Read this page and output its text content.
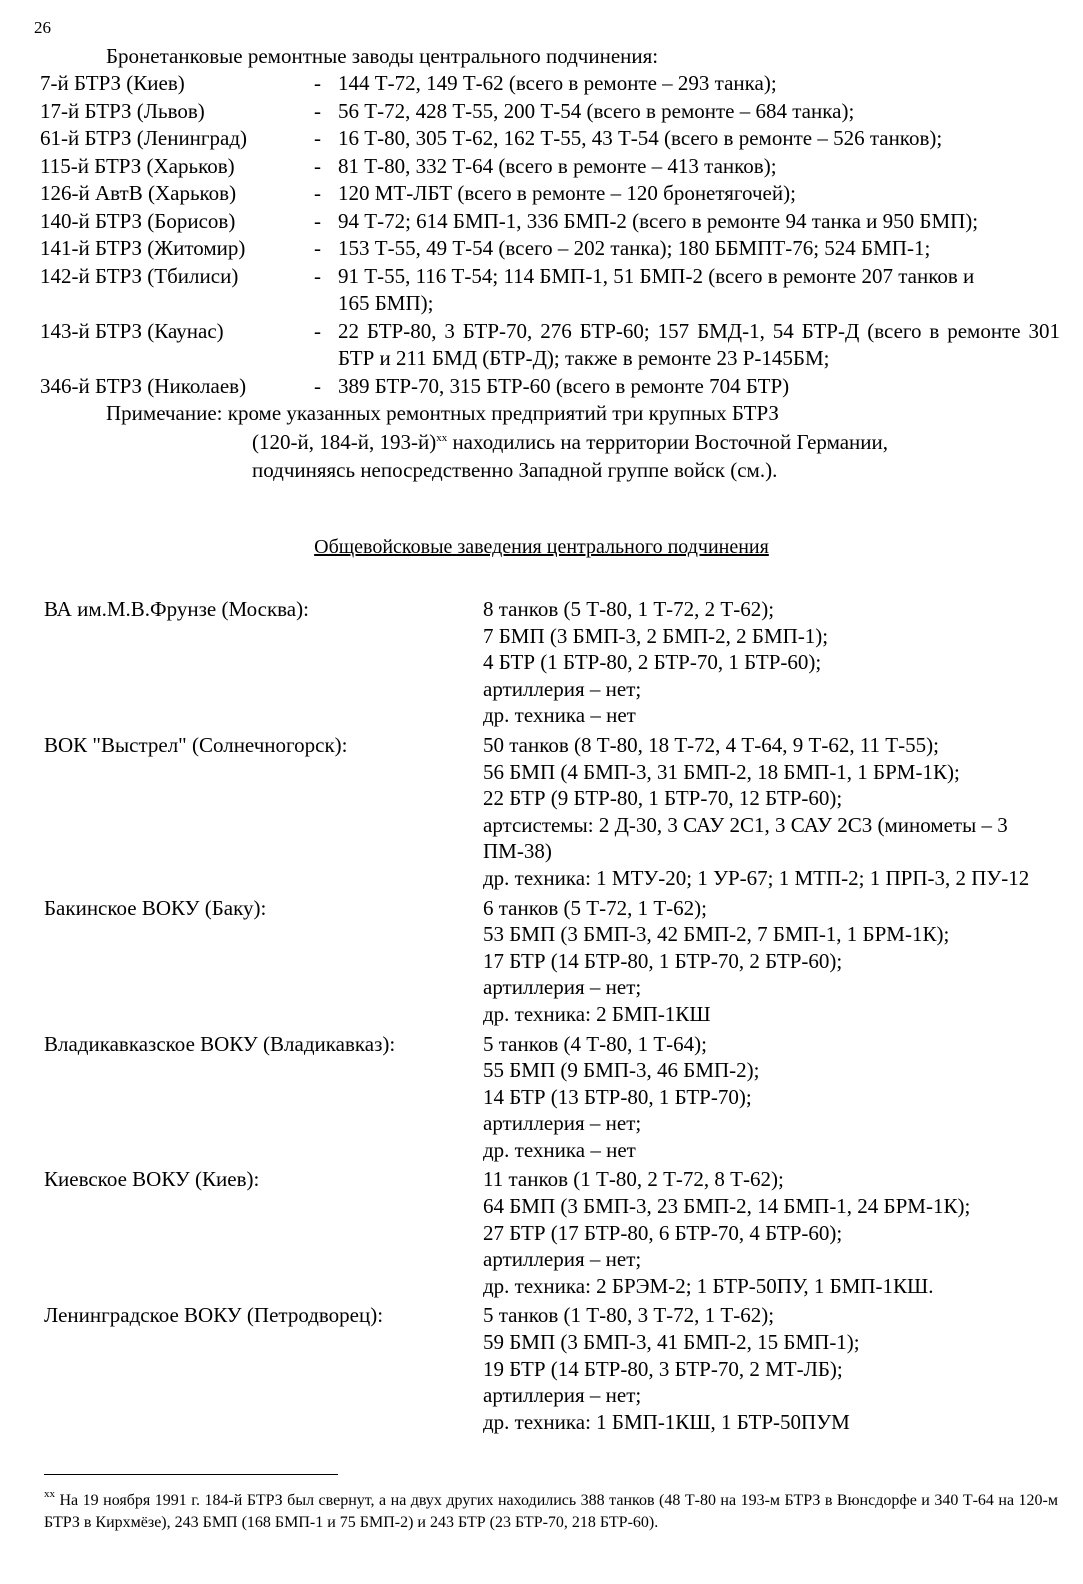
26
Бронетанковые ремонтные заводы центрального подчинения:
7-й БТРЗ (Киев)	- 144 Т-72, 149 Т-62 (всего в ремонте – 293 танка);
17-й БТРЗ (Львов)	- 56 Т-72, 428 Т-55, 200 Т-54 (всего в ремонте – 684 танка);
61-й БТРЗ (Ленинград)	- 16 Т-80, 305 Т-62, 162 Т-55, 43 Т-54 (всего в ремонте – 526 танков);
115-й БТРЗ (Харьков)	- 81 Т-80, 332 Т-64 (всего в ремонте – 413 танков);
126-й АвтВ (Харьков)	- 120 МТ-ЛБТ (всего в ремонте – 120 бронетягочей);
140-й БТРЗ (Борисов)	- 94 Т-72; 614 БМП-1, 336 БМП-2 (всего в ремонте 94 танка и 950 БМП);
141-й БТРЗ (Житомир)	- 153 Т-55, 49 Т-54 (всего – 202 танка); 180 ББМПТ-76; 524 БМП-1;
142-й БТРЗ (Тбилиси)	- 91 Т-55, 116 Т-54; 114 БМП-1, 51 БМП-2 (всего в ремонте 207 танков и
165 БМП);
143-й БТРЗ (Каунас)	- 22 БТР-80, 3 БТР-70, 276 БТР-60; 157 БМД-1, 54 БТР-Д (всего в ремонте 301 БТР и 211 БМД (БТР-Д); также в ремонте 23 Р-145БМ;
346-й БТРЗ (Николаев)	- 389 БТР-70, 315 БТР-60 (всего в ремонте 704 БТР)
Примечание: кроме указанных ремонтных предприятий три крупных БТРЗ
(120-й, 184-й, 193-й)$^{xx}$ находились на территории Восточной Германии,
подчиняясь непосредственно Западной группе войск (см.).
Общевойсковые заведения центрального подчинения
ВА им.М.В.Фрунзе (Москва):	8 танков (5 Т-80, 1 Т-72, 2 Т-62);
7 БМП (3 БМП-3, 2 БМП-2, 2 БМП-1);
4 БТР (1 БТР-80, 2 БТР-70, 1 БТР-60);
артиллерия – нет;
др. техника – нет
ВОК "Выстрел" (Солнечногорск):	50 танков (8 Т-80, 18 Т-72, 4 Т-64, 9 Т-62, 11 Т-55);
56 БМП (4 БМП-3, 31 БМП-2, 18 БМП-1, 1 БРМ-1К);
22 БТР (9 БТР-80, 1 БТР-70, 12 БТР-60);
артсистемы: 2 Д-30, 3 САУ 2С1, 3 САУ 2С3 (минометы – 3 ПМ-38)
др. техника: 1 МТУ-20; 1 УР-67; 1 МТП-2; 1 ПРП-3, 2 ПУ-12
Бакинское ВОКУ (Баку):	6 танков (5 Т-72, 1 Т-62);
53 БМП (3 БМП-3, 42 БМП-2, 7 БМП-1, 1 БРМ-1К);
17 БТР (14 БТР-80, 1 БТР-70, 2 БТР-60);
артиллерия – нет;
др. техника: 2 БМП-1КШ
Владикавказское ВОКУ (Владикавказ):	5 танков (4 Т-80, 1 Т-64);
55 БМП (9 БМП-3, 46 БМП-2);
14 БТР (13 БТР-80, 1 БТР-70);
артиллерия – нет;
др. техника – нет
Киевское ВОКУ (Киев):	11 танков (1 Т-80, 2 Т-72, 8 Т-62);
64 БМП (3 БМП-3, 23 БМП-2, 14 БМП-1, 24 БРМ-1К);
27 БТР (17 БТР-80, 6 БТР-70, 4 БТР-60);
артиллерия – нет;
др. техника: 2 БРЭМ-2; 1 БТР-50ПУ, 1 БМП-1КШ.
Ленинградское ВОКУ (Петродворец):	5 танков (1 Т-80, 3 Т-72, 1 Т-62);
59 БМП (3 БМП-3, 41 БМП-2, 15 БМП-1);
19 БТР (14 БТР-80, 3 БТР-70, 2 МТ-ЛБ);
артиллерия – нет;
др. техника: 1 БМП-1КШ, 1 БТР-50ПУМ
$^{xx}$ На 19 ноября 1991 г. 184-й БТРЗ был свернут, а на двух других находились 388 танков (48 Т-80 на 193-м БТРЗ в Вюнсдорфе и 340 Т-64 на 120-м БТРЗ в Кирхмёзе), 243 БМП (168 БМП-1 и 75 БМП-2) и 243 БТР (23 БТР-70, 218 БТР-60).
